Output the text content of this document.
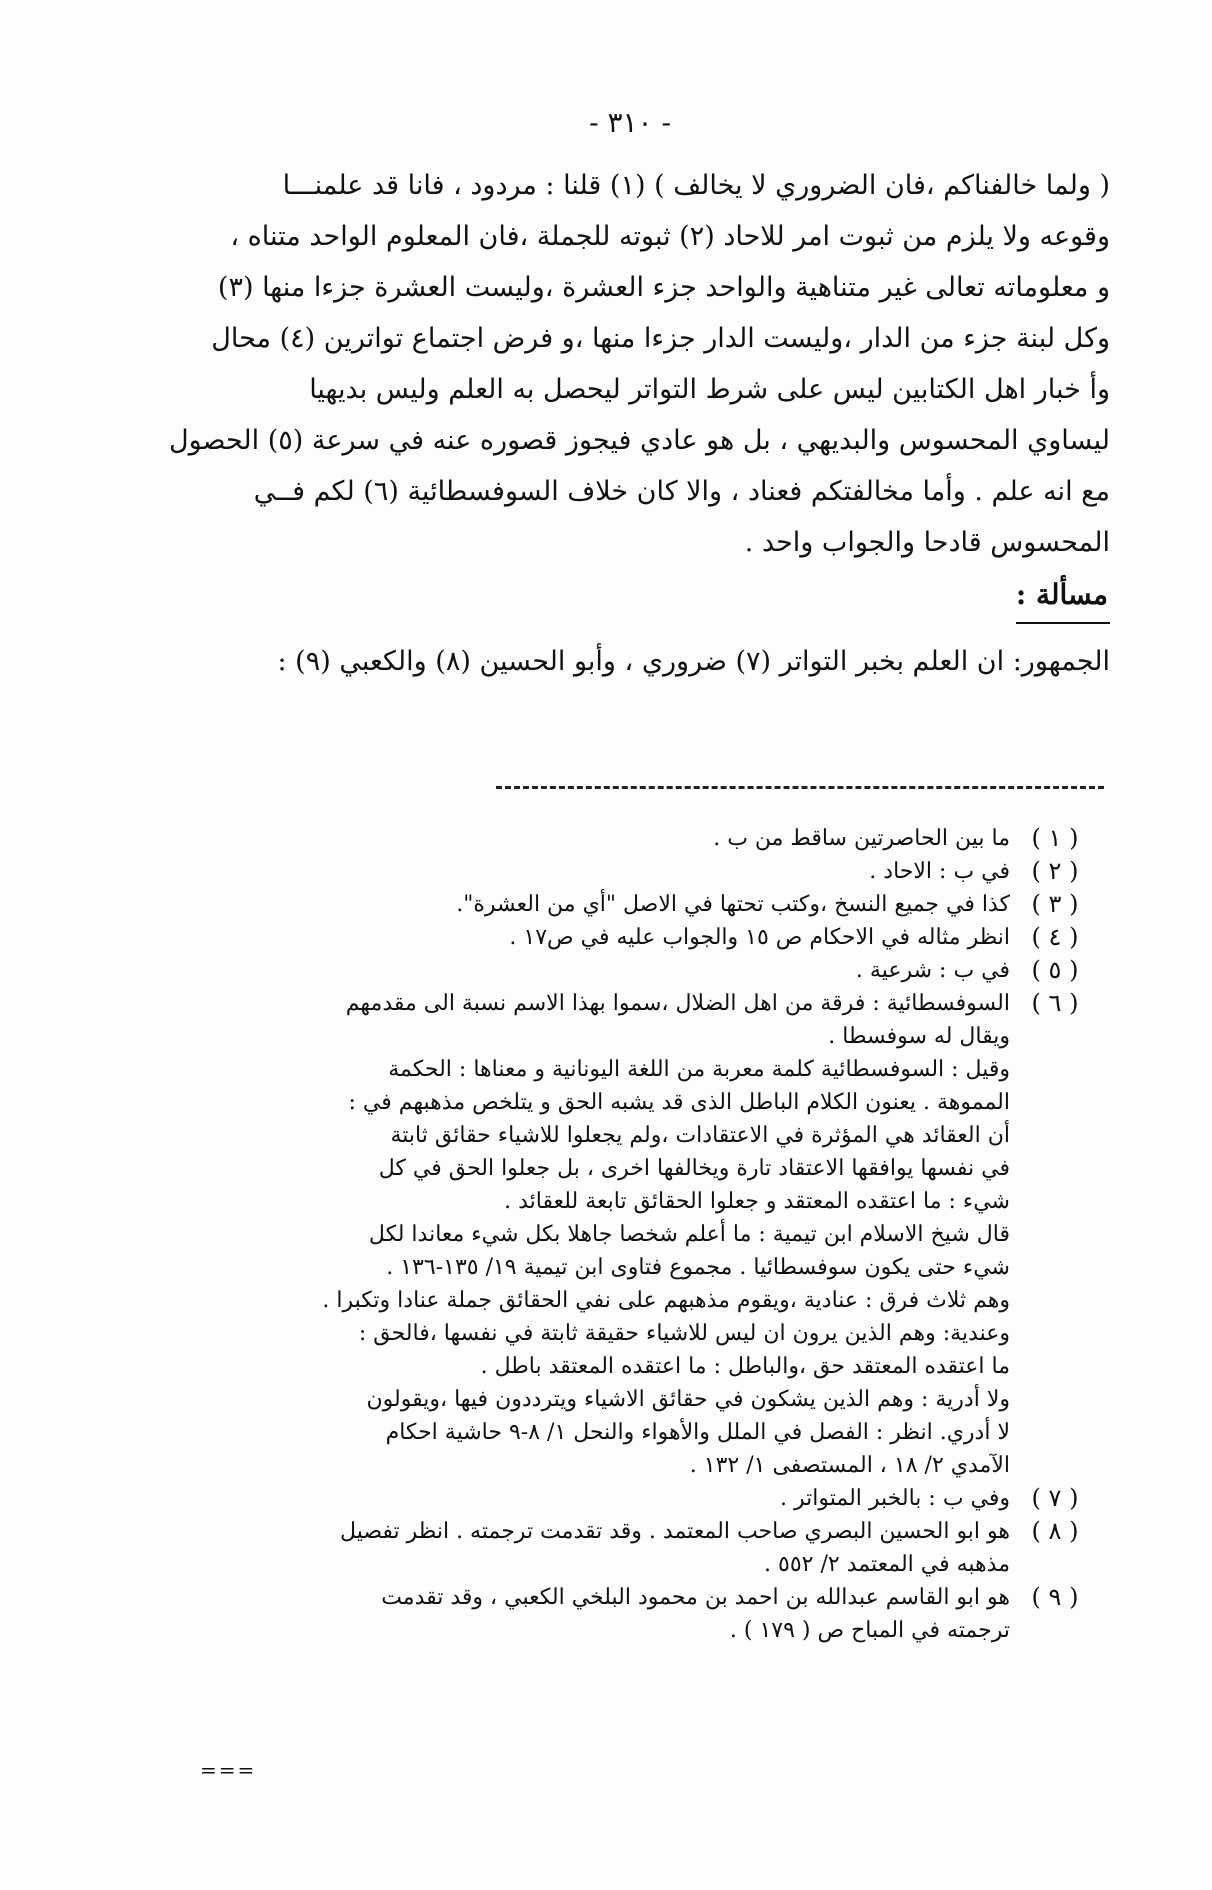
- ٣١٠ -
( ولما خالفناكم ،فان الضروري لا يخالف ) (١) قلنا : مردود ، فانا قد علمنـــا
وقوعه ولا يلزم من ثبوت امر للاحاد (٢) ثبوته للجملة ،فان المعلوم الواحد متناه ،
و معلوماته تعالى غير متناهية والواحد جزء العشرة ،وليست العشرة جزءا منها (٣)
وكل لبنة جزء من الدار ،وليست الدار جزءا منها ،و فرض اجتماع تواترين (٤) محال
وأ خبار اهل الكتابين ليس على شرط التواتر ليحصل به العلم وليس بديهيا
ليساوي المحسوس والبديهي ، بل هو عادي فيجوز قصوره عنه في سرعة (٥) الحصول
مع انه علم . وأما مخالفتكم فعناد ، والا كان خلاف السوفسطائية (٦) لكم فــي
المحسوس قادحا والجواب واحد .
مسألة :
الجمهور: ان العلم بخبر التواتر (٧) ضروري ، وأبو الحسين (٨) والكعبي (٩) :
( ١ )
ما بين الحاصرتين ساقط من ب .
( ٢ )
في ب : الاحاد .
( ٣ )
كذا في جميع النسخ ،وكتب تحتها في الاصل "أي من العشرة".
( ٤ )
انظر مثاله في الاحكام ص ١٥ والجواب عليه في ص١٧ .
( ٥ )
في ب : شرعية .
( ٦ )
السوفسطائية : فرقة من اهل الضلال ،سموا بهذا الاسم نسبة الى مقدمهم
ويقال له سوفسطا .
وقيل : السوفسطائية كلمة معربة من اللغة اليونانية و معناها : الحكمة
المموهة . يعنون الكلام الباطل الذى قد يشبه الحق و يتلخص مذهبهم في :
أن العقائد هي المؤثرة في الاعتقادات ،ولم يجعلوا للاشياء حقائق ثابتة
في نفسها يوافقها الاعتقاد تارة ويخالفها اخرى ، بل جعلوا الحق في كل
شيء : ما اعتقده المعتقد و جعلوا الحقائق تابعة للعقائد .
قال شيخ الاسلام ابن تيمية : ما أعلم شخصا جاهلا بكل شيء معاندا لكل
شيء حتى يكون سوفسطائيا . مجموع فتاوى ابن تيمية ١٩/ ١٣٥-١٣٦ .
وهم ثلاث فرق : عنادية ،ويقوم مذهبهم على نفي الحقائق جملة عنادا وتكبرا .
وعندية: وهم الذين يرون ان ليس للاشياء حقيقة ثابتة في نفسها ،فالحق :
ما اعتقده المعتقد حق ،والباطل : ما اعتقده المعتقد باطل .
ولا أدرية : وهم الذين يشكون في حقائق الاشياء ويترددون فيها ،ويقولون
لا أدري. انظر : الفصل في الملل والأهواء والنحل ١/ ٨-٩ حاشية احكام
الآمدي ٢/ ١٨ ، المستصفى ١/ ١٣٢ .
( ٧ )
وفي ب : بالخبر المتواتر .
( ٨ )
هو ابو الحسين البصري صاحب المعتمد . وقد تقدمت ترجمته . انظر تفصيل
مذهبه في المعتمد ٢/ ٥٥٢ .
( ٩ )
هو ابو القاسم عبدالله بن احمد بن محمود البلخي الكعبي ، وقد تقدمت
ترجمته في المباح ص ( ١٧٩ ) .
===
